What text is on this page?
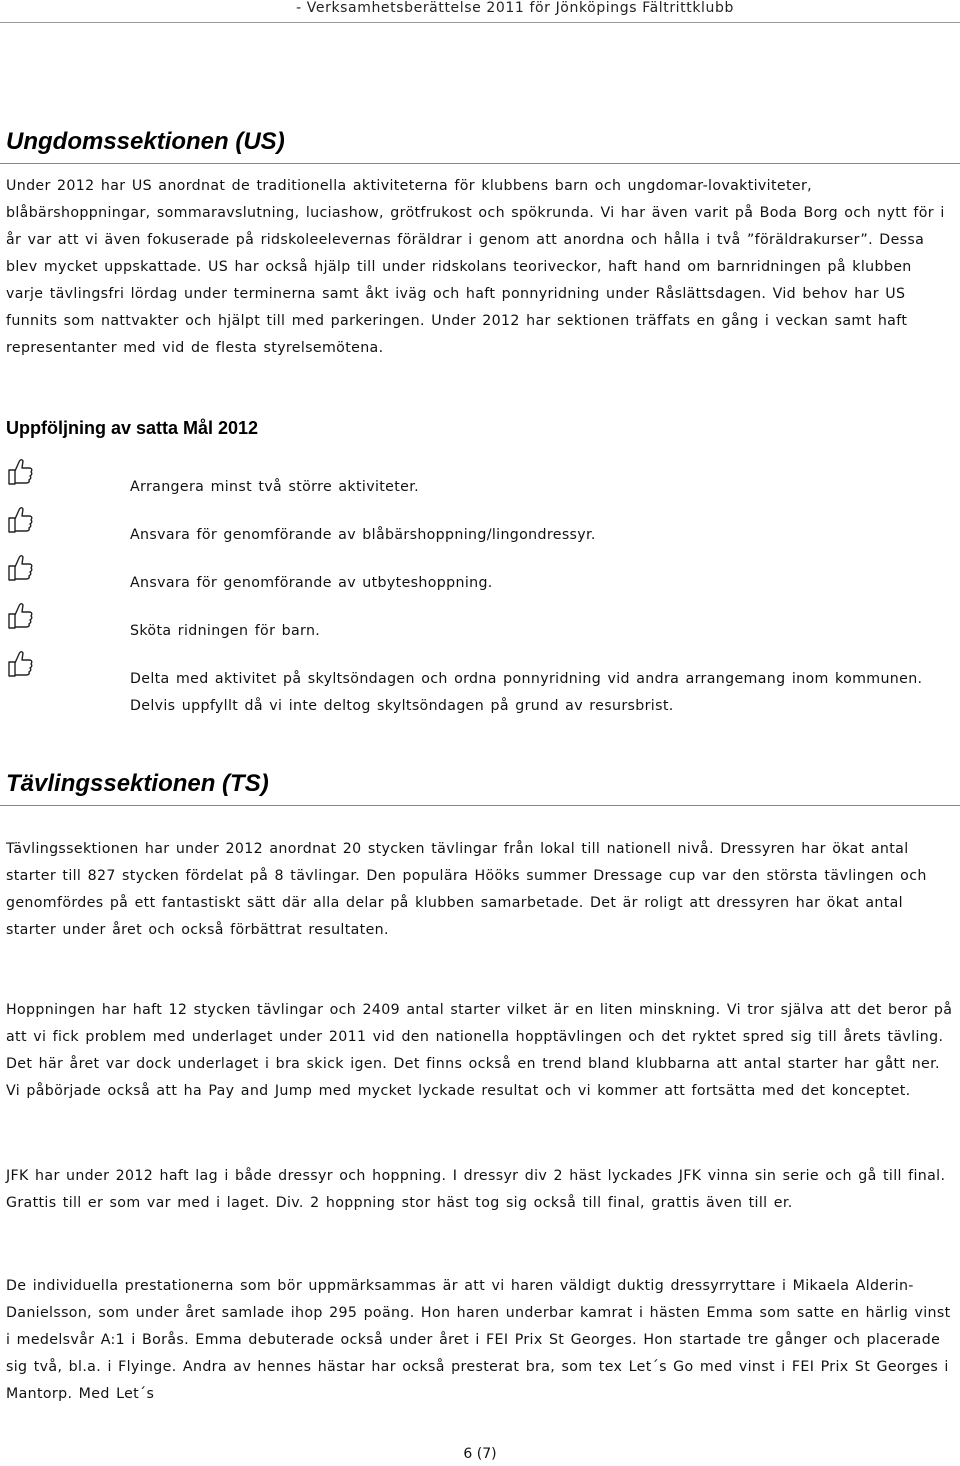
- Verksamhetsberättelse 2011 för Jönköpings Fältrittklubb
Ungdomssektionen (US)

Under 2012 har US anordnat de traditionella aktiviteterna för klubbens barn och ungdomar-lovaktiviteter, blåbärshoppningar, sommaravslutning, luciashow, grötfrukost och spökrunda. Vi har även varit på Boda Borg och nytt för i år var att vi även fokuserade på ridskoleelevernas föräldrar i genom att anordna och hålla i två ”föräldrakurser”. Dessa blev mycket uppskattade. US har också hjälp till under ridskolans teoriveckor, haft hand om barnridningen på klubben varje tävlingsfri lördag under terminerna samt åkt iväg och haft ponnyridning under Råslättsdagen. Vid behov har US funnits som nattvakter och hjälpt till med parkeringen. Under 2012 har sektionen träffats en gång i veckan samt haft representanter med vid de flesta styrelsemötena.

Uppföljning av satta Mål 2012
Arrangera minst två större aktiviteter.
Ansvara för genomförande av blåbärshoppning/lingondressyr.
Ansvara för genomförande av utbyteshoppning.
Sköta ridningen för barn.
Delta med aktivitet på skyltsöndagen och ordna ponnyridning vid andra arrangemang inom kommunen. Delvis uppfyllt då vi inte deltog skyltsöndagen på grund av resursbrist.
Tävlingssektionen (TS)

Tävlingssektionen har under 2012 anordnat 20 stycken tävlingar från lokal till nationell nivå. Dressyren har ökat antal starter till 827 stycken fördelat på 8 tävlingar. Den populära Hööks summer Dressage cup var den största tävlingen och genomfördes på ett fantastiskt sätt där alla delar på klubben samarbetade. Det är roligt att dressyren har ökat antal starter under året och också förbättrat resultaten.

Hoppningen har haft 12 stycken tävlingar och 2409 antal starter vilket är en liten minskning. Vi tror själva att det beror på att vi fick problem med underlaget under 2011 vid den nationella hopptävlingen och det ryktet spred sig till årets tävling. Det här året var dock underlaget i bra skick igen. Det finns också en trend bland klubbarna att antal starter har gått ner. Vi påbörjade också att ha Pay and Jump med mycket lyckade resultat och vi kommer att fortsätta med det konceptet.

JFK har under 2012 haft lag i både dressyr och hoppning. I dressyr div 2 häst lyckades JFK vinna sin serie och gå till final. Grattis till er som var med i laget. Div. 2 hoppning stor häst tog sig också till final, grattis även till er.

De individuella prestationerna som bör uppmärksammas är att vi haren väldigt duktig dressyrryttare i Mikaela Alderin-Danielsson, som under året samlade ihop 295 poäng. Hon haren underbar kamrat i hästen Emma som satte en härlig vinst i medelsvår A:1 i Borås. Emma debuterade också under året i FEI Prix St Georges. Hon startade tre gånger och placerade sig två, bl.a. i Flyinge. Andra av hennes hästar har också presterat bra, som tex Let´s Go med vinst i FEI Prix St Georges i Mantorp. Med Let´s

6 (7)
